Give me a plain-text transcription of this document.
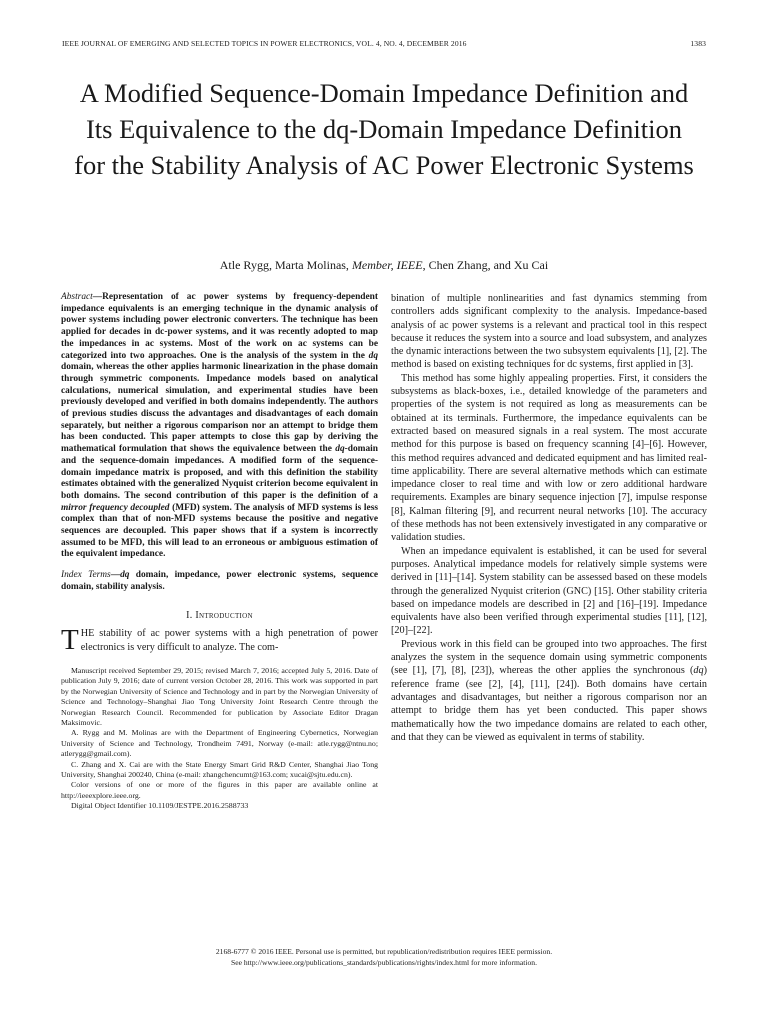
IEEE JOURNAL OF EMERGING AND SELECTED TOPICS IN POWER ELECTRONICS, VOL. 4, NO. 4, DECEMBER 2016	1383
A Modified Sequence-Domain Impedance Definition and Its Equivalence to the dq-Domain Impedance Definition for the Stability Analysis of AC Power Electronic Systems
Atle Rygg, Marta Molinas, Member, IEEE, Chen Zhang, and Xu Cai
Abstract—Representation of ac power systems by frequency-dependent impedance equivalents is an emerging technique in the dynamic analysis of power systems including power electronic converters. The technique has been applied for decades in dc-power systems, and it was recently adopted to map the impedances in ac systems. Most of the work on ac systems can be categorized into two approaches. One is the analysis of the system in the dq domain, whereas the other applies harmonic linearization in the phase domain through symmetric components. Impedance models based on analytical calculations, numerical simulation, and experimental studies have been previously developed and verified in both domains independently. The authors of previous studies discuss the advantages and disadvantages of each domain separately, but neither a rigorous comparison nor an attempt to bridge them has been conducted. This paper attempts to close this gap by deriving the mathematical formulation that shows the equivalence between the dq-domain and the sequence-domain impedances. A modified form of the sequence-domain impedance matrix is proposed, and with this definition the stability estimates obtained with the generalized Nyquist criterion become equivalent in both domains. The second contribution of this paper is the definition of a mirror frequency decoupled (MFD) system. The analysis of MFD systems is less complex than that of non-MFD systems because the positive and negative sequences are decoupled. This paper shows that if a system is incorrectly assumed to be MFD, this will lead to an erroneous or ambiguous estimation of the equivalent impedance.
Index Terms—dq domain, impedance, power electronic systems, sequence domain, stability analysis.
I. Introduction
THE stability of ac power systems with a high penetration of power electronics is very difficult to analyze. The com-

Manuscript received September 29, 2015; revised March 7, 2016; accepted July 5, 2016. Date of publication July 9, 2016; date of current version October 28, 2016. This work was supported in part by the Norwegian University of Science and Technology and in part by the Norwegian University of Science and Technology–Shanghai Jiao Tong University Joint Research Centre through the Norwegian Research Council. Recommended for publication by Associate Editor Dragan Maksimovic.

A. Rygg and M. Molinas are with the Department of Engineering Cybernetics, Norwegian University of Science and Technology, Trondheim 7491, Norway (e-mail: atle.rygg@ntnu.no; atlerygg@gmail.com).

C. Zhang and X. Cai are with the State Energy Smart Grid R&D Center, Shanghai Jiao Tong University, Shanghai 200240, China (e-mail: zhangchencumt@163.com; xucai@sjtu.edu.cn).

Color versions of one or more of the figures in this paper are available online at http://ieeexplore.ieee.org.

Digital Object Identifier 10.1109/JESTPE.2016.2588733

bination of multiple nonlinearities and fast dynamics stemming from controllers adds significant complexity to the analysis. Impedance-based analysis of ac power systems is a relevant and practical tool in this respect because it reduces the system into a source and load subsystem, and analyzes the dynamic interactions between the two subsystem equivalents [1], [2]. The method is based on existing techniques for dc systems, first applied in [3].

This method has some highly appealing properties. First, it considers the subsystems as black-boxes, i.e., detailed knowledge of the parameters and properties of the system is not required as long as measurements can be obtained at its terminals. Furthermore, the impedance equivalents can be extracted based on measured signals in a real system. The most accurate method for this purpose is based on frequency scanning [4]–[6]. However, this method requires advanced and dedicated equipment and has limited real-time applicability. There are several alternative methods which can estimate impedance closer to real time and with low or zero additional hardware requirements. Examples are binary sequence injection [7], impulse response [8], Kalman filtering [9], and recurrent neural networks [10]. The accuracy of these methods has not been extensively investigated in any comparative or validation studies.

When an impedance equivalent is established, it can be used for several purposes. Analytical impedance models for relatively simple systems were derived in [11]–[14]. System stability can be assessed based on these models through the generalized Nyquist criterion (GNC) [15]. Other stability criteria based on impedance models are described in [2] and [16]–[19]. Impedance equivalents have also been verified through experimental studies [11], [12], [20]–[22].

Previous work in this field can be grouped into two approaches. The first analyzes the system in the sequence domain using symmetric components (see [1], [7], [8], [23]), whereas the other applies the synchronous (dq) reference frame (see [2], [4], [11], [24]). Both domains have certain advantages and disadvantages, but neither a rigorous comparison nor an attempt to bridge them has yet been conducted. This paper shows mathematically how the two impedance domains are related to each other, and that they can be viewed as equivalent in terms of stability.

2168-6777 © 2016 IEEE. Personal use is permitted, but republication/redistribution requires IEEE permission.
See http://www.ieee.org/publications_standards/publications/rights/index.html for more information.
